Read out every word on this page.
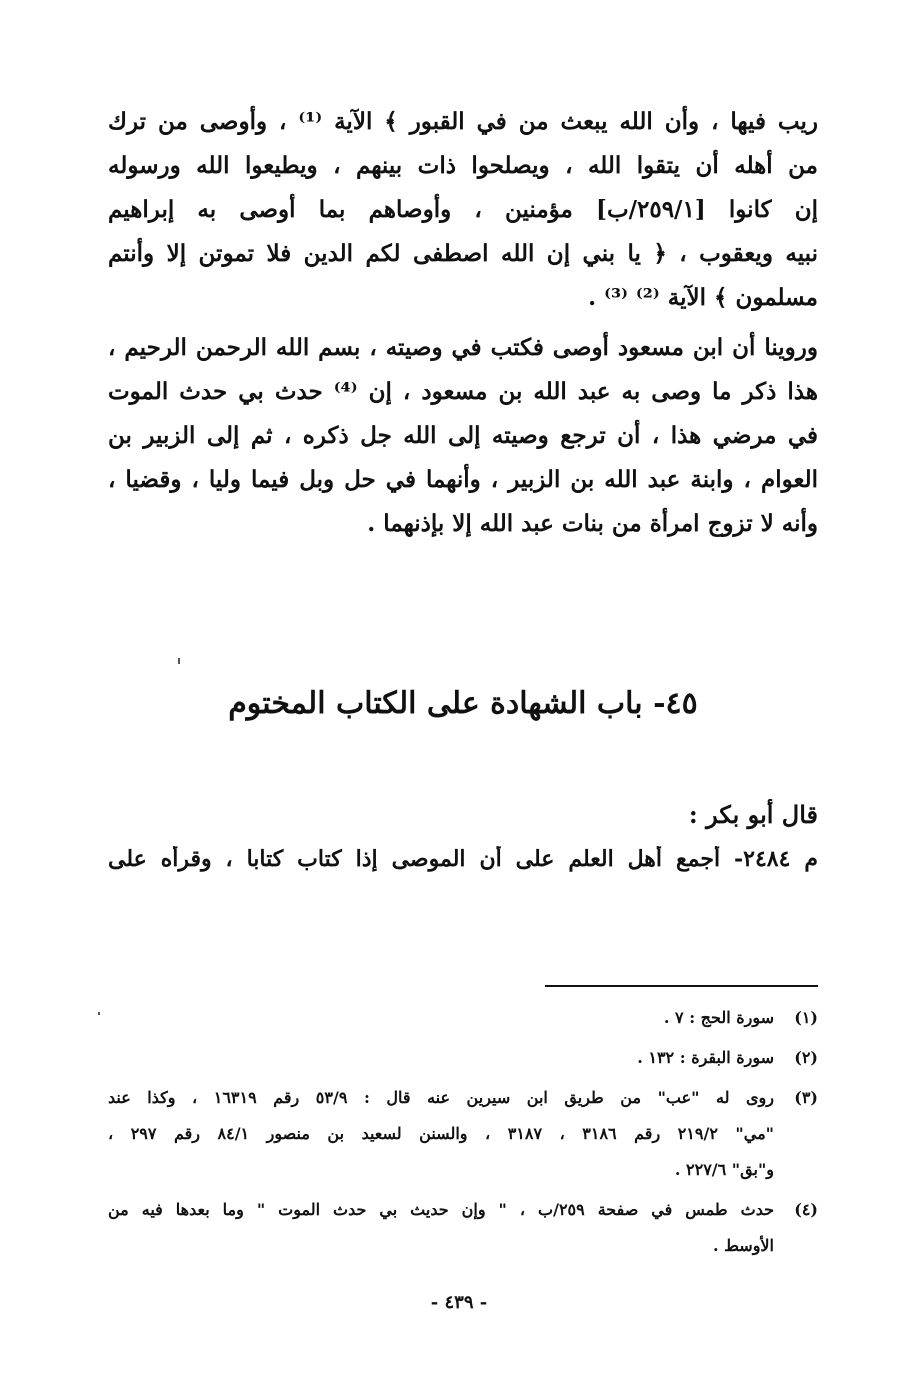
ريب فيها ، وأن الله يبعث من في القبور ﴾ الآية ⁽¹⁾ ، وأوصى من ترك
من أهله أن يتقوا الله ، ويصلحوا ذات بينهم ، ويطيعوا الله ورسوله
إن كانوا [٢٥٩/١/ب] مؤمنين ، وأوصاهم بما أوصى به إبراهيم
نبيه ويعقوب ، ﴿ يا بني إن الله اصطفى لكم الدين فلا تموتن إلا وأنتم
مسلمون ﴾ الآية ⁽²⁾ ⁽³⁾ .
وروينا أن ابن مسعود أوصى فكتب في وصيته ، بسم الله الرحمن الرحيم ،
هذا ذكر ما وصى به عبد الله بن مسعود ، إن ⁽⁴⁾ حدث بي حدث الموت
في مرضي هذا ، أن ترجع وصيته إلى الله جل ذكره ، ثم إلى الزبير بن
العوام ، وابنة عبد الله بن الزبير ، وأنهما في حل وبل فيما وليا ، وقضيا ،
وأنه لا تزوج امرأة من بنات عبد الله إلا بإذنهما .
٤٥- باب الشهادة على الكتاب المختوم
قال أبو بكر :
م ٢٤٨٤- أجمع أهل العلم على أن الموصى إذا كتاب كتابا ، وقرأه على
(١)
سورة الحج : ٧ .
(٢)
سورة البقرة : ١٣٢ .
(٣)
روى له "عب" من طريق ابن سيرين عنه قال : ٥٣/٩ رقم ١٦٣١٩ ، وكذا عند
"مي" ٢١٩/٢ رقم ٣١٨٦ ، ٣١٨٧ ، والسنن لسعيد بن منصور ٨٤/١ رقم ٢٩٧ ،
و"بق" ٢٢٧/٦ .
(٤)
حدث طمس في صفحة ٢٥٩/ب ، " وإن حديث بي حدث الموت " وما بعدها فيه من
الأوسط .
- ٤٣٩ -
